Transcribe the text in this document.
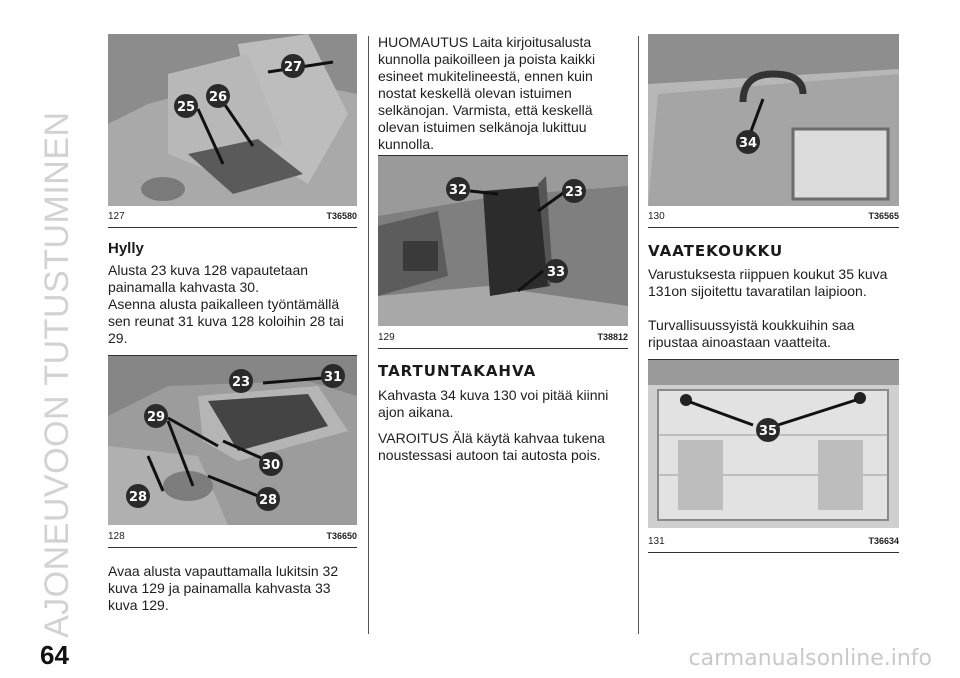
AJONEUVOON TUTUSTUMINEN
27
25
26
127	T36580
Hylly

Alusta 23 kuva 128 vapautetaan painamalla kahvasta 30.

Asenna alusta paikalleen työntämällä sen reunat 31 kuva 128 koloihin 28 tai 29.

23	31
29
30
28	28
128	T36650

Avaa alusta vapauttamalla lukitsin 32 kuva 129 ja painamalla kahvasta 33 kuva 129.

HUOMAUTUS Laita kirjoitusalusta kunnolla paikoilleen ja poista kaikki esineet mukitelineestä, ennen kuin nostat keskellä olevan istuimen selkänojan. Varmista, että keskellä olevan istuimen selkänoja lukittuu kunnolla.

32	23
33
129	T38812
TARTUNTAKAHVA

Kahvasta 34 kuva 130 voi pitää kiinni ajon aikana.

VAROITUS Älä käytä kahvaa tukena noustessasi autoon tai autosta pois.

34
130	T36565
VAATEKOUKKU

Varustuksesta riippuen koukut 35 kuva 131on sijoitettu tavaratilan laipioon.

Turvallisuussyistä koukkuihin saa ripustaa ainoastaan vaatteita.

35
131	T36634
64	carmanualsonline.info
